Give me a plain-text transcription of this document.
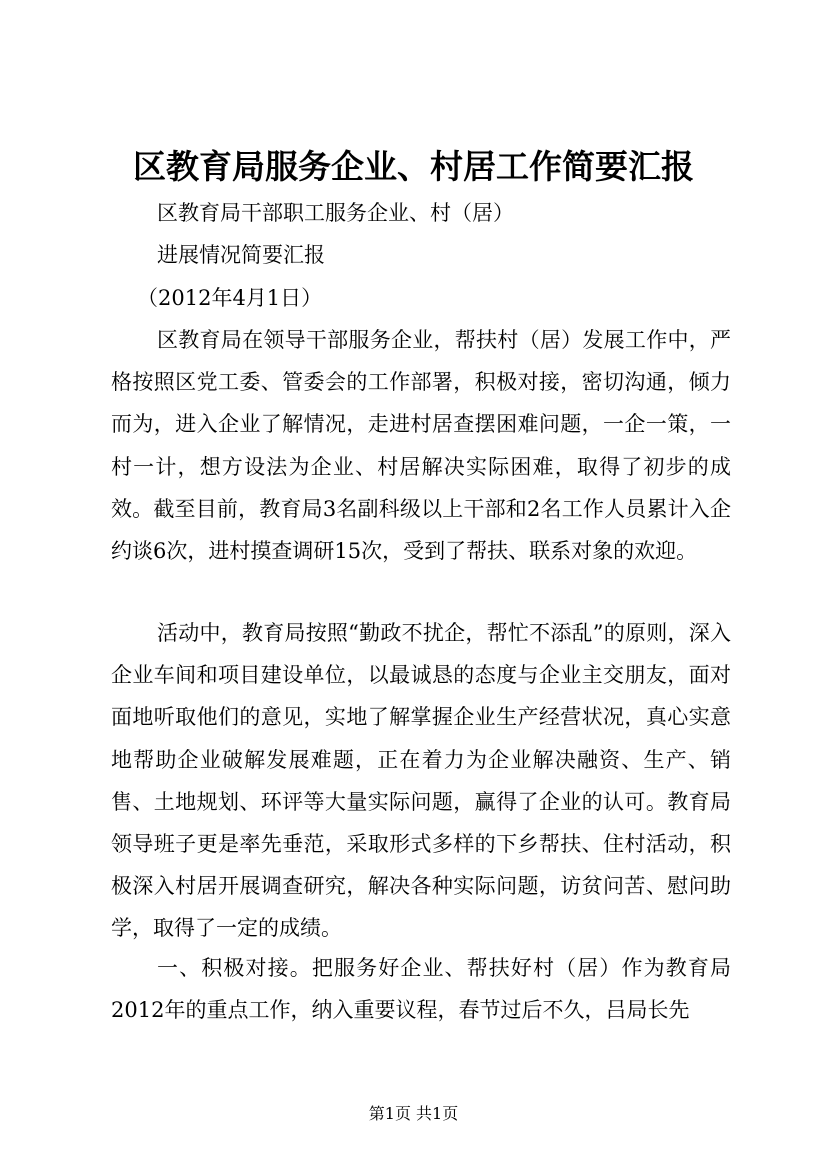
区教育局服务企业、村居工作简要汇报
区教育局干部职工服务企业、村（居）
进展情况简要汇报
（2012年4月1日）
区教育局在领导干部服务企业，帮扶村（居）发展工作中，严格按照区党工委、管委会的工作部署，积极对接，密切沟通，倾力而为，进入企业了解情况，走进村居查摆困难问题，一企一策，一村一计，想方设法为企业、村居解决实际困难，取得了初步的成效。截至目前，教育局3名副科级以上干部和2名工作人员累计入企约谈6次，进村摸查调研15次，受到了帮扶、联系对象的欢迎。
活动中，教育局按照“勤政不扰企，帮忙不添乱”的原则，深入企业车间和项目建设单位，以最诚恳的态度与企业主交朋友，面对面地听取他们的意见，实地了解掌握企业生产经营状况，真心实意地帮助企业破解发展难题，正在着力为企业解决融资、生产、销售、土地规划、环评等大量实际问题，赢得了企业的认可。教育局领导班子更是率先垂范，采取形式多样的下乡帮扶、住村活动，积极深入村居开展调查研究，解决各种实际问题，访贫问苦、慰问助学，取得了一定的成绩。
一、积极对接。把服务好企业、帮扶好村（居）作为教育局2012年的重点工作，纳入重要议程，春节过后不久，吕局长先
第1页 共1页
